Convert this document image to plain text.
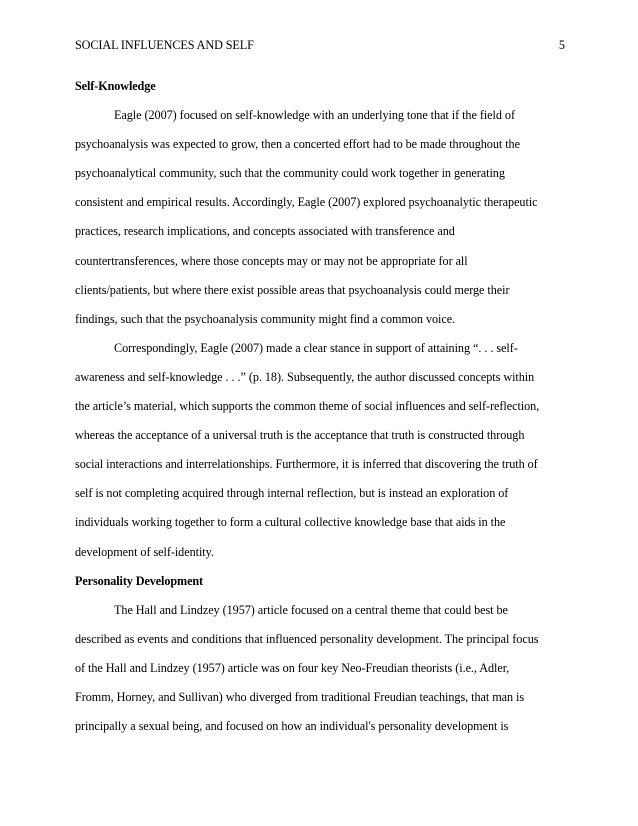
SOCIAL INFLUENCES AND SELF	5
Self-Knowledge
Eagle (2007) focused on self-knowledge with an underlying tone that if the field of
psychoanalysis was expected to grow, then a concerted effort had to be made throughout the
psychoanalytical community, such that the community could work together in generating
consistent and empirical results. Accordingly, Eagle (2007) explored psychoanalytic therapeutic
practices, research implications, and concepts associated with transference and
countertransferences, where those concepts may or may not be appropriate for all
clients/patients, but where there exist possible areas that psychoanalysis could merge their
findings, such that the psychoanalysis community might find a common voice.
Correspondingly, Eagle (2007) made a clear stance in support of attaining “. . . self-
awareness and self-knowledge . . .” (p. 18). Subsequently, the author discussed concepts within
the article’s material, which supports the common theme of social influences and self-reflection,
whereas the acceptance of a universal truth is the acceptance that truth is constructed through
social interactions and interrelationships. Furthermore, it is inferred that discovering the truth of
self is not completing acquired through internal reflection, but is instead an exploration of
individuals working together to form a cultural collective knowledge base that aids in the
development of self-identity.
Personality Development
The Hall and Lindzey (1957) article focused on a central theme that could best be
described as events and conditions that influenced personality development. The principal focus
of the Hall and Lindzey (1957) article was on four key Neo-Freudian theorists (i.e., Adler,
Fromm, Horney, and Sullivan) who diverged from traditional Freudian teachings, that man is
principally a sexual being, and focused on how an individual's personality development is
